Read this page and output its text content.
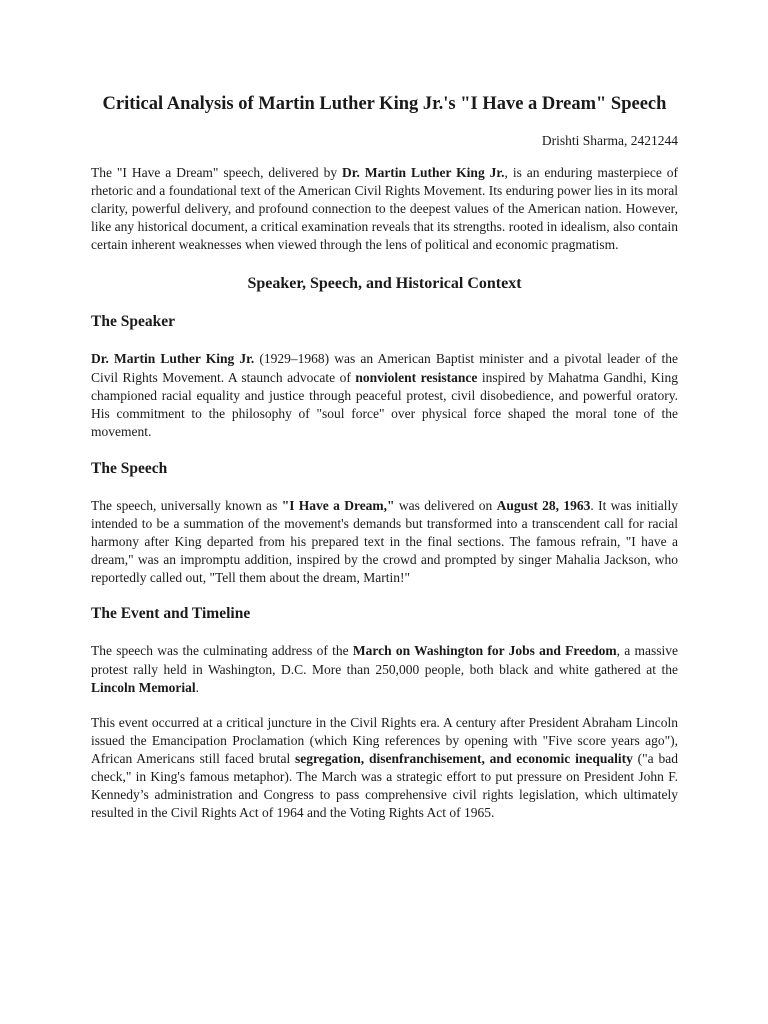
Critical Analysis of Martin Luther King Jr.'s "I Have a Dream" Speech
Drishti Sharma, 2421244

The "I Have a Dream" speech, delivered by Dr. Martin Luther King Jr., is an enduring masterpiece of rhetoric and a foundational text of the American Civil Rights Movement. Its enduring power lies in its moral clarity, powerful delivery, and profound connection to the deepest values of the American nation. However, like any historical document, a critical examination reveals that its strengths. rooted in idealism, also contain certain inherent weaknesses when viewed through the lens of political and economic pragmatism.

Speaker, Speech, and Historical Context
The Speaker

Dr. Martin Luther King Jr. (1929–1968) was an American Baptist minister and a pivotal leader of the Civil Rights Movement. A staunch advocate of nonviolent resistance inspired by Mahatma Gandhi, King championed racial equality and justice through peaceful protest, civil disobedience, and powerful oratory. His commitment to the philosophy of "soul force" over physical force shaped the moral tone of the movement.

The Speech

The speech, universally known as "I Have a Dream," was delivered on August 28, 1963. It was initially intended to be a summation of the movement's demands but transformed into a transcendent call for racial harmony after King departed from his prepared text in the final sections. The famous refrain, "I have a dream," was an impromptu addition, inspired by the crowd and prompted by singer Mahalia Jackson, who reportedly called out, "Tell them about the dream, Martin!"

The Event and Timeline

The speech was the culminating address of the March on Washington for Jobs and Freedom, a massive protest rally held in Washington, D.C. More than 250,000 people, both black and white gathered at the Lincoln Memorial.

This event occurred at a critical juncture in the Civil Rights era. A century after President Abraham Lincoln issued the Emancipation Proclamation (which King references by opening with "Five score years ago"), African Americans still faced brutal segregation, disenfranchisement, and economic inequality ("a bad check," in King's famous metaphor). The March was a strategic effort to put pressure on President John F. Kennedy’s administration and Congress to pass comprehensive civil rights legislation, which ultimately resulted in the Civil Rights Act of 1964 and the Voting Rights Act of 1965.
